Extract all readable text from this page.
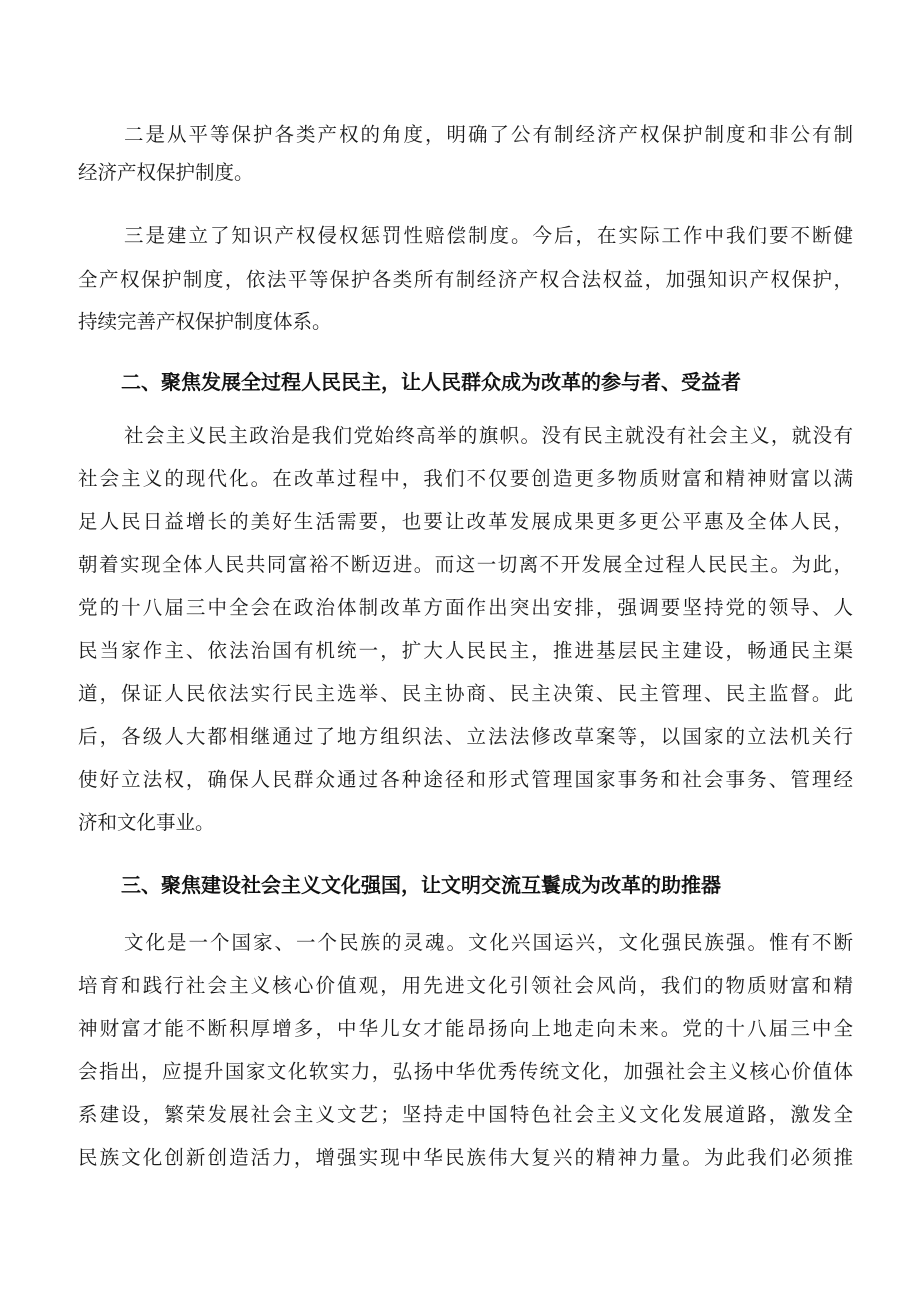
二是从平等保护各类产权的角度，明确了公有制经济产权保护制度和非公有制
经济产权保护制度。
三是建立了知识产权侵权惩罚性赔偿制度。今后，在实际工作中我们要不断健
全产权保护制度，依法平等保护各类所有制经济产权合法权益，加强知识产权保护，
持续完善产权保护制度体系。
二、聚焦发展全过程人民民主，让人民群众成为改革的参与者、受益者
社会主义民主政治是我们党始终高举的旗帜。没有民主就没有社会主义，就没有
社会主义的现代化。在改革过程中，我们不仅要创造更多物质财富和精神财富以满
足人民日益增长的美好生活需要，也要让改革发展成果更多更公平惠及全体人民，
朝着实现全体人民共同富裕不断迈进。而这一切离不开发展全过程人民民主。为此，
党的十八届三中全会在政治体制改革方面作出突出安排，强调要坚持党的领导、人
民当家作主、依法治国有机统一，扩大人民民主，推进基层民主建设，畅通民主渠
道，保证人民依法实行民主选举、民主协商、民主决策、民主管理、民主监督。此
后，各级人大都相继通过了地方组织法、立法法修改草案等，以国家的立法机关行
使好立法权，确保人民群众通过各种途径和形式管理国家事务和社会事务、管理经
济和文化事业。
三、聚焦建设社会主义文化强国，让文明交流互鬟成为改革的助推器
文化是一个国家、一个民族的灵魂。文化兴国运兴，文化强民族强。惟有不断
培育和践行社会主义核心价值观，用先进文化引领社会风尚，我们的物质财富和精
神财富才能不断积厚增多，中华儿女才能昂扬向上地走向未来。党的十八届三中全
会指出，应提升国家文化软实力，弘扬中华优秀传统文化，加强社会主义核心价值体
系建设，繁荣发展社会主义文艺；坚持走中国特色社会主义文化发展道路，激发全
民族文化创新创造活力，增强实现中华民族伟大复兴的精神力量。为此我们必须推
